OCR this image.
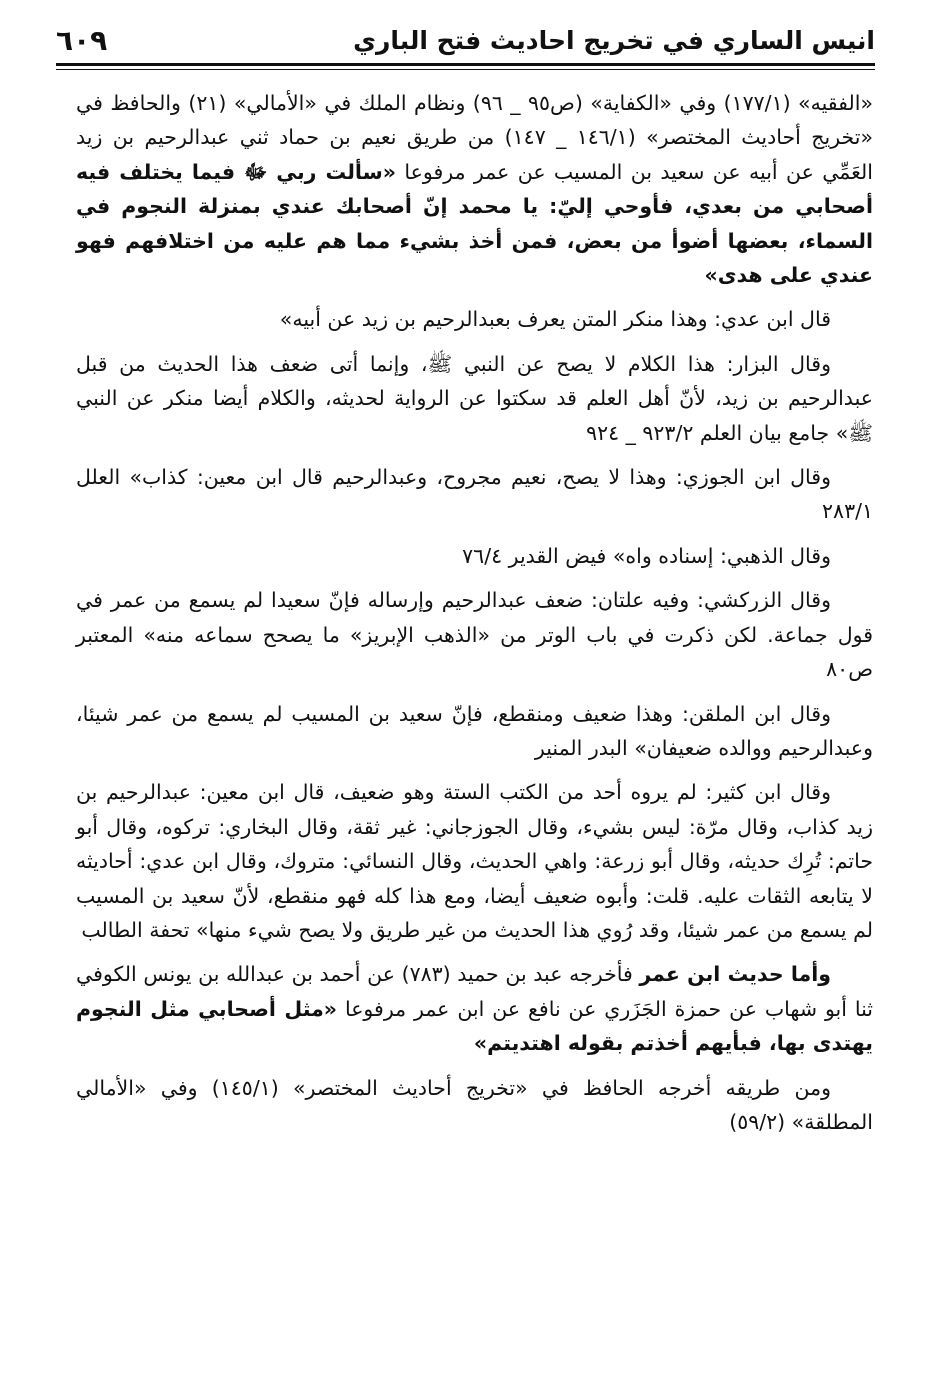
انيس الساري في تخريج احاديث فتح الباري
٦٠٩

«الفقيه» (١٧٧/١) وفي «الكفاية» (ص٩٥ _ ٩٦) ونظام الملك في «الأمالي» (٢١) والحافظ في «تخريج أحاديث المختصر» (١٤٦/١ _ ١٤٧) من طريق نعيم بن حماد ثني عبدالرحيم بن زيد العَمِّي عن أبيه عن سعيد بن المسيب عن عمر مرفوعا «سألت ربي ﷻ فيما يختلف فيه أصحابي من بعدي، فأوحي إليّ: يا محمد إنّ أصحابك عندي بمنزلة النجوم في السماء، بعضها أضوأ من بعض، فمن أخذ بشيء مما هم عليه من اختلافهم فهو عندي على هدى»

قال ابن عدي: وهذا منكر المتن يعرف بعبدالرحيم بن زيد عن أبيه»

وقال البزار: هذا الكلام لا يصح عن النبي ﷺ، وإنما أتى ضعف هذا الحديث من قبل عبدالرحيم بن زيد، لأنّ أهل العلم قد سكتوا عن الرواية لحديثه، والكلام أيضا منكر عن النبي ﷺ» جامع بيان العلم ٩٢٣/٢ _ ٩٢٤

وقال ابن الجوزي: وهذا لا يصح، نعيم مجروح، وعبدالرحيم قال ابن معين: كذاب» العلل ٢٨٣/١

وقال الذهبي: إسناده واه» فيض القدير ٧٦/٤

وقال الزركشي: وفيه علتان: ضعف عبدالرحيم وإرساله فإنّ سعيدا لم يسمع من عمر في قول جماعة. لكن ذكرت في باب الوتر من «الذهب الإبريز» ما يصحح سماعه منه» المعتبر ص٨٠

وقال ابن الملقن: وهذا ضعيف ومنقطع، فإنّ سعيد بن المسيب لم يسمع من عمر شيئا، وعبدالرحيم ووالده ضعيفان» البدر المنير

وقال ابن كثير: لم يروه أحد من الكتب الستة وهو ضعيف، قال ابن معين: عبدالرحيم بن زيد كذاب، وقال مرّة: ليس بشيء، وقال الجوزجاني: غير ثقة، وقال البخاري: تركوه، وقال أبو حاتم: تُرِك حديثه، وقال أبو زرعة: واهي الحديث، وقال النسائي: متروك، وقال ابن عدي: أحاديثه لا يتابعه الثقات عليه. قلت: وأبوه ضعيف أيضا، ومع هذا كله فهو منقطع، لأنّ سعيد بن المسيب لم يسمع من عمر شيئا، وقد رُوي هذا الحديث من غير طريق ولا يصح شيء منها» تحفة الطالب

وأما حديث ابن عمر فأخرجه عبد بن حميد (٧٨٣) عن أحمد بن عبدالله بن يونس الكوفي ثنا أبو شهاب عن حمزة الجَزَري عن نافع عن ابن عمر مرفوعا «مثل أصحابي مثل النجوم يهتدى بها، فبأيهم أخذتم بقوله اهتديتم»

ومن طريقه أخرجه الحافظ في «تخريج أحاديث المختصر» (١٤٥/١) وفي «الأمالي المطلقة» (٥٩/٢)
